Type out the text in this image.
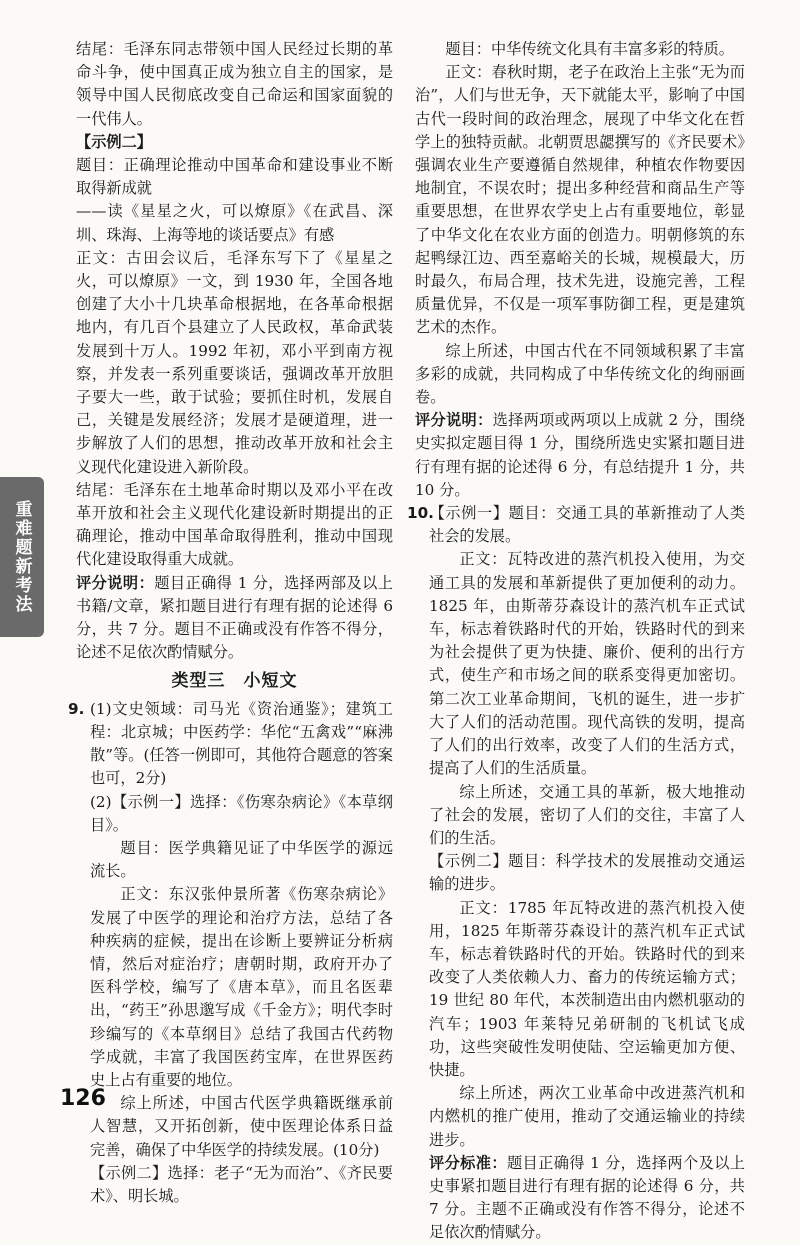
重难题新考法

结尾：毛泽东同志带领中国人民经过长期的革命斗争，使中国真正成为独立自主的国家，是领导中国人民彻底改变自己命运和国家面貌的一代伟人。

【示例二】

题目：正确理论推动中国革命和建设事业不断取得新成就

——读《星星之火，可以燎原》《在武昌、深圳、珠海、上海等地的谈话要点》有感

正文：古田会议后，毛泽东写下了《星星之火，可以燎原》一文，到 1930 年，全国各地创建了大小十几块革命根据地，在各革命根据地内，有几百个县建立了人民政权，革命武装发展到十万人。1992 年初，邓小平到南方视察，并发表一系列重要谈话，强调改革开放胆子要大一些，敢于试验；要抓住时机，发展自己，关键是发展经济；发展才是硬道理，进一步解放了人们的思想，推动改革开放和社会主义现代化建设进入新阶段。

结尾：毛泽东在土地革命时期以及邓小平在改革开放和社会主义现代化建设新时期提出的正确理论，推动中国革命取得胜利，推动中国现代化建设取得重大成就。

评分说明：题目正确得 1 分，选择两部及以上书籍/文章，紧扣题目进行有理有据的论述得 6 分，共 7 分。题目不正确或没有作答不得分，论述不足依次酌情赋分。

类型三　小短文

9. (1)文史领域：司马光《资治通鉴》；建筑工程：北京城；中医药学：华佗“五禽戏”“麻沸散”等。(任答一例即可，其他符合题意的答案也可，2分)

(2)【示例一】选择：《伤寒杂病论》《本草纲目》。

题目：医学典籍见证了中华医学的源远流长。

正文：东汉张仲景所著《伤寒杂病论》发展了中医学的理论和治疗方法，总结了各种疾病的症候，提出在诊断上要辨证分析病情，然后对症治疗；唐朝时期，政府开办了医科学校，编写了《唐本草》，而且名医辈出，“药王”孙思邈写成《千金方》；明代李时珍编写的《本草纲目》总结了我国古代药物学成就，丰富了我国医药宝库，在世界医药史上占有重要的地位。

综上所述，中国古代医学典籍既继承前人智慧，又开拓创新，使中医理论体系日益完善，确保了中华医学的持续发展。(10分)

【示例二】选择：老子“无为而治”、《齐民要术》、明长城。

题目：中华传统文化具有丰富多彩的特质。

正文：春秋时期，老子在政治上主张“无为而治”，人们与世无争，天下就能太平，影响了中国古代一段时间的政治理念，展现了中华文化在哲学上的独特贡献。北朝贾思勰撰写的《齐民要术》强调农业生产要遵循自然规律，种植农作物要因地制宜，不误农时；提出多种经营和商品生产等重要思想，在世界农学史上占有重要地位，彰显了中华文化在农业方面的创造力。明朝修筑的东起鸭绿江边、西至嘉峪关的长城，规模最大，历时最久，布局合理，技术先进，设施完善，工程质量优异，不仅是一项军事防御工程，更是建筑艺术的杰作。

综上所述，中国古代在不同领域积累了丰富多彩的成就，共同构成了中华传统文化的绚丽画卷。

评分说明：选择两项或两项以上成就 2 分，围绕史实拟定题目得 1 分，围绕所选史实紧扣题目进行有理有据的论述得 6 分，有总结提升 1 分，共 10 分。

10.【示例一】题目：交通工具的革新推动了人类社会的发展。

正文：瓦特改进的蒸汽机投入使用，为交通工具的发展和革新提供了更加便利的动力。1825 年，由斯蒂芬森设计的蒸汽机车正式试车，标志着铁路时代的开始，铁路时代的到来为社会提供了更为快捷、廉价、便利的出行方式，使生产和市场之间的联系变得更加密切。第二次工业革命期间，飞机的诞生，进一步扩大了人们的活动范围。现代高铁的发明，提高了人们的出行效率，改变了人们的生活方式，提高了人们的生活质量。

综上所述，交通工具的革新，极大地推动了社会的发展，密切了人们的交往，丰富了人们的生活。

【示例二】题目：科学技术的发展推动交通运输的进步。

正文：1785 年瓦特改进的蒸汽机投入使用，1825 年斯蒂芬森设计的蒸汽机车正式试车，标志着铁路时代的开始。铁路时代的到来改变了人类依赖人力、畜力的传统运输方式；19 世纪 80 年代，本茨制造出由内燃机驱动的汽车；1903 年莱特兄弟研制的飞机试飞成功，这些突破性发明使陆、空运输更加方便、快捷。

综上所述，两次工业革命中改进蒸汽机和内燃机的推广使用，推动了交通运输业的持续进步。

评分标准：题目正确得 1 分，选择两个及以上史事紧扣题目进行有理有据的论述得 6 分，共 7 分。主题不正确或没有作答不得分，论述不足依次酌情赋分。

126
